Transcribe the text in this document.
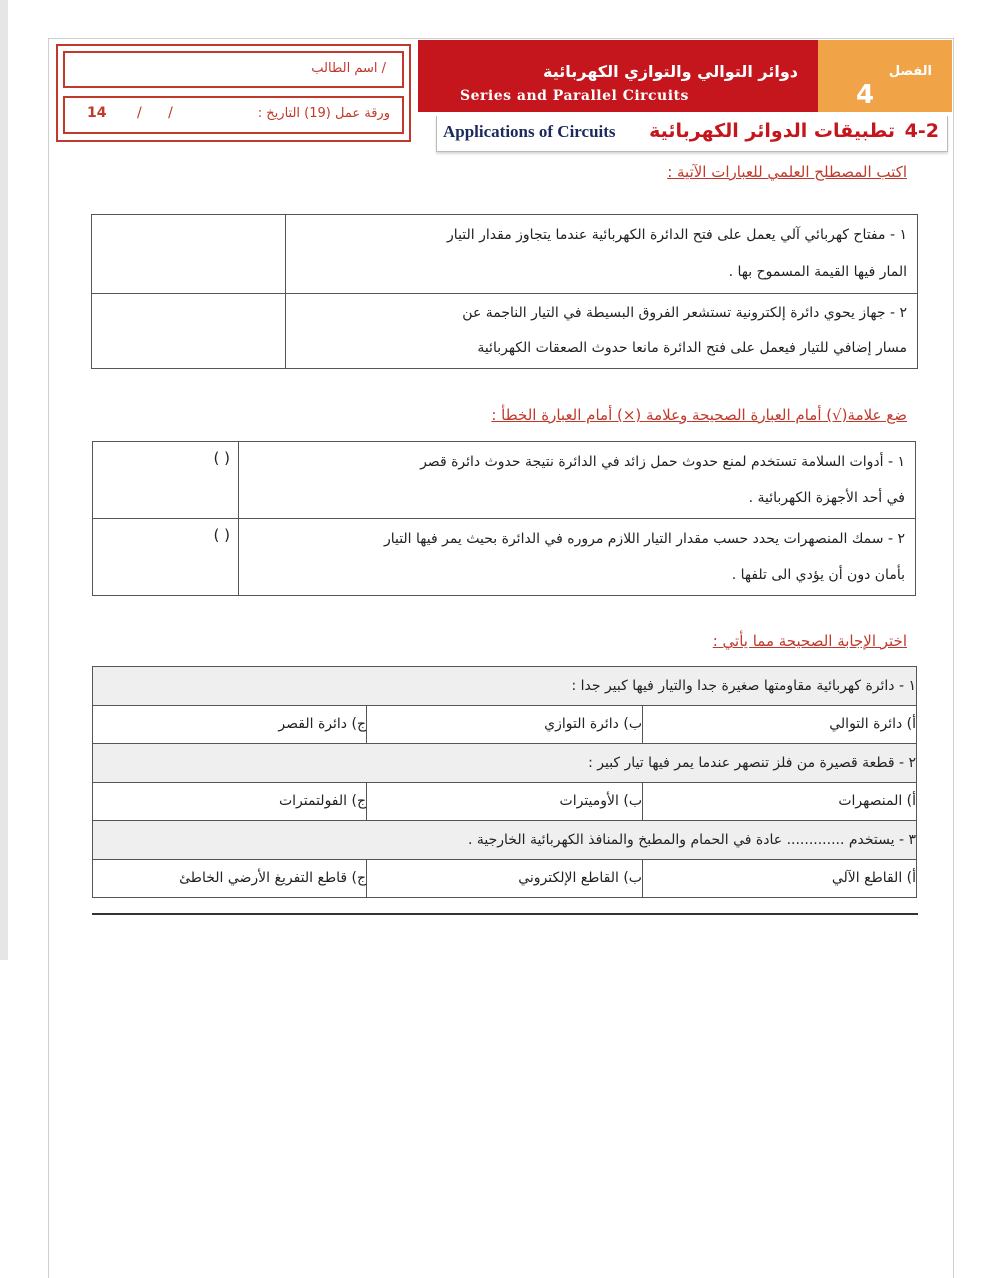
اسم الطالب /
ورقة عمل (19) التاريخ :
/ /
14
دوائر التوالي والتوازي الكهربائية
Series and Parallel Circuits
الفصل
4
4-2
تطبيقات الدوائر الكهربائية
Applications of Circuits
اكتب المصطلح العلمي للعبارات الآتية :

	١ - مفتاح كهربائي آلي يعمل على فتح الدائرة الكهربائية عندما يتجاوز مقدار التيار
المار فيها القيمة المسموح بها .

	٢ - جهاز يحوي دائرة إلكترونية تستشعر الفروق البسيطة في التيار الناجمة عن
مسار إضافي للتيار فيعمل على فتح الدائرة مانعا حدوث الصعقات الكهربائية
ضع علامة(√) أمام العبارة الصحيحة وعلامة (×) أمام العبارة الخطأ :
( )	١ - أدوات السلامة تستخدم لمنع حدوث حمل زائد في الدائرة نتيجة حدوث دائرة قصر
في أحد الأجهزة الكهربائية .

( )	٢ - سمك المنصهرات يحدد حسب مقدار التيار اللازم مروره في الدائرة بحيث يمر فيها التيار
بأمان دون أن يؤدي الى تلفها .
اختر الإجابة الصحيحة مما يأتي :
١ - دائرة كهربائية مقاومتها صغيرة جدا والتيار فيها كبير جدا :		
ج) دائرة القصر	ب) دائرة التوازي	أ) دائرة التوالي
٢ - قطعة قصيرة من فلز تنصهر عندما يمر فيها تيار كبير :		
ج) الفولتمترات	ب) الأوميترات	أ) المنصهرات
٣ - يستخدم ............. عادة في الحمام والمطبخ والمنافذ الكهربائية الخارجية .		
ج) قاطع التفريغ الأرضي الخاطئ	ب) القاطع الإلكتروني	أ) القاطع الآلي
